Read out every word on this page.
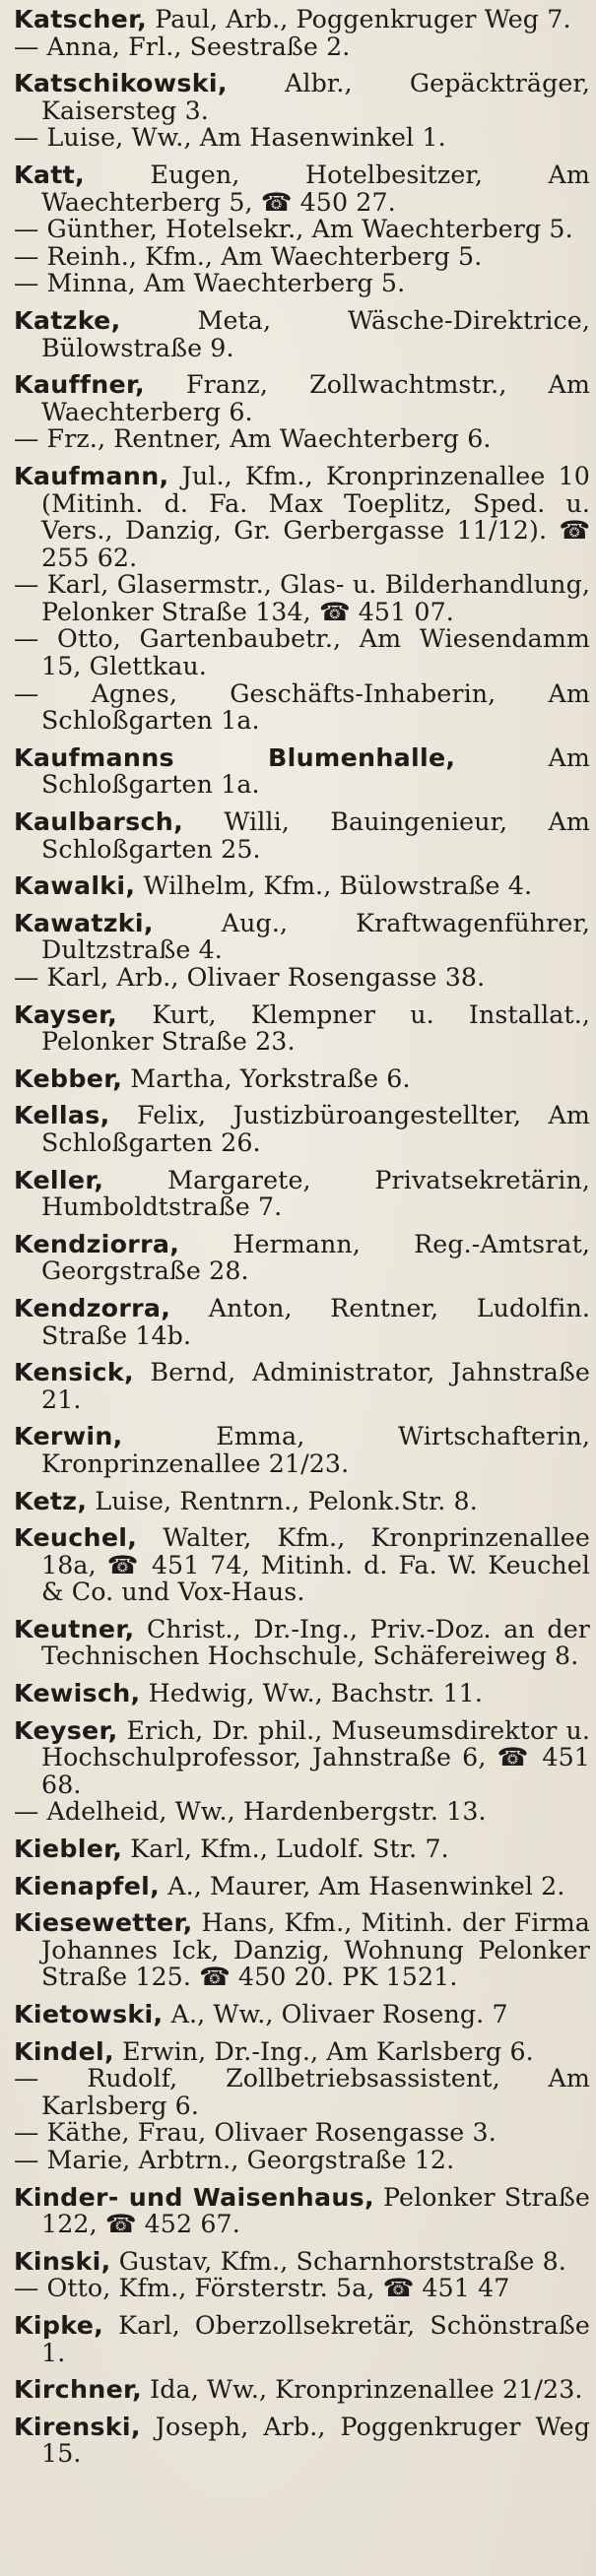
Katscher, Paul, Arb., Poggenkruger Weg 7.

— Anna, Frl., Seestraße 2.

Katschikowski, Albr., Gepäckträger, Kaisersteg 3.

— Luise, Ww., Am Hasenwinkel 1.

Katt, Eugen, Hotelbesitzer, Am Waechterberg 5, ☎ 450 27.

— Günther, Hotelsekr., Am Waechterberg 5.

— Reinh., Kfm., Am Waechterberg 5.

— Minna, Am Waechterberg 5.

Katzke, Meta, Wäsche-Direktrice, Bülowstraße 9.

Kauffner, Franz, Zollwachtmstr., Am Waechterberg 6.

— Frz., Rentner, Am Waechterberg 6.

Kaufmann, Jul., Kfm., Kronprinzenallee 10 (Mitinh. d. Fa. Max Toeplitz, Sped. u. Vers., Danzig, Gr. Gerbergasse 11/12). ☎ 255 62.

— Karl, Glasermstr., Glas- u. Bilderhandlung, Pelonker Straße 134, ☎ 451 07.

— Otto, Gartenbaubetr., Am Wiesendamm 15, Glettkau.

— Agnes, Geschäfts-Inhaberin, Am Schloßgarten 1a.

Kaufmanns Blumenhalle, Am Schloßgarten 1a.

Kaulbarsch, Willi, Bauingenieur, Am Schloßgarten 25.

Kawalki, Wilhelm, Kfm., Bülowstraße 4.

Kawatzki, Aug., Kraftwagenführer, Dultzstraße 4.

— Karl, Arb., Olivaer Rosengasse 38.

Kayser, Kurt, Klempner u. Installat., Pelonker Straße 23.

Kebber, Martha, Yorkstraße 6.

Kellas, Felix, Justizbüroangestellter, Am Schloßgarten 26.

Keller, Margarete, Privatsekretärin, Humboldtstraße 7.

Kendziorra, Hermann, Reg.-Amtsrat, Georgstraße 28.

Kendzorra, Anton, Rentner, Ludolfin. Straße 14b.

Kensick, Bernd, Administrator, Jahnstraße 21.

Kerwin, Emma, Wirtschafterin, Kronprinzenallee 21/23.

Ketz, Luise, Rentnrn., Pelonk.Str. 8.

Keuchel, Walter, Kfm., Kronprinzenallee 18a, ☎ 451 74, Mitinh. d. Fa. W. Keuchel & Co. und Vox-Haus.

Keutner, Christ., Dr.-Ing., Priv.-Doz. an der Technischen Hochschule, Schäfereiweg 8.

Kewisch, Hedwig, Ww., Bachstr. 11.

Keyser, Erich, Dr. phil., Museumsdirektor u. Hochschulprofessor, Jahnstraße 6, ☎ 451 68.

— Adelheid, Ww., Hardenbergstr. 13.

Kiebler, Karl, Kfm., Ludolf. Str. 7.

Kienapfel, A., Maurer, Am Hasenwinkel 2.

Kiesewetter, Hans, Kfm., Mitinh. der Firma Johannes Ick, Danzig, Wohnung Pelonker Straße 125. ☎ 450 20. PK 1521.

Kietowski, A., Ww., Olivaer Roseng. 7

Kindel, Erwin, Dr.-Ing., Am Karlsberg 6.

— Rudolf, Zollbetriebsassistent, Am Karlsberg 6.

— Käthe, Frau, Olivaer Rosengasse 3.

— Marie, Arbtrn., Georgstraße 12.

Kinder- und Waisenhaus, Pelonker Straße 122, ☎ 452 67.

Kinski, Gustav, Kfm., Scharnhorststraße 8.

— Otto, Kfm., Försterstr. 5a, ☎ 451 47

Kipke, Karl, Oberzollsekretär, Schönstraße 1.

Kirchner, Ida, Ww., Kronprinzenallee 21/23.

Kirenski, Joseph, Arb., Poggenkruger Weg 15.
